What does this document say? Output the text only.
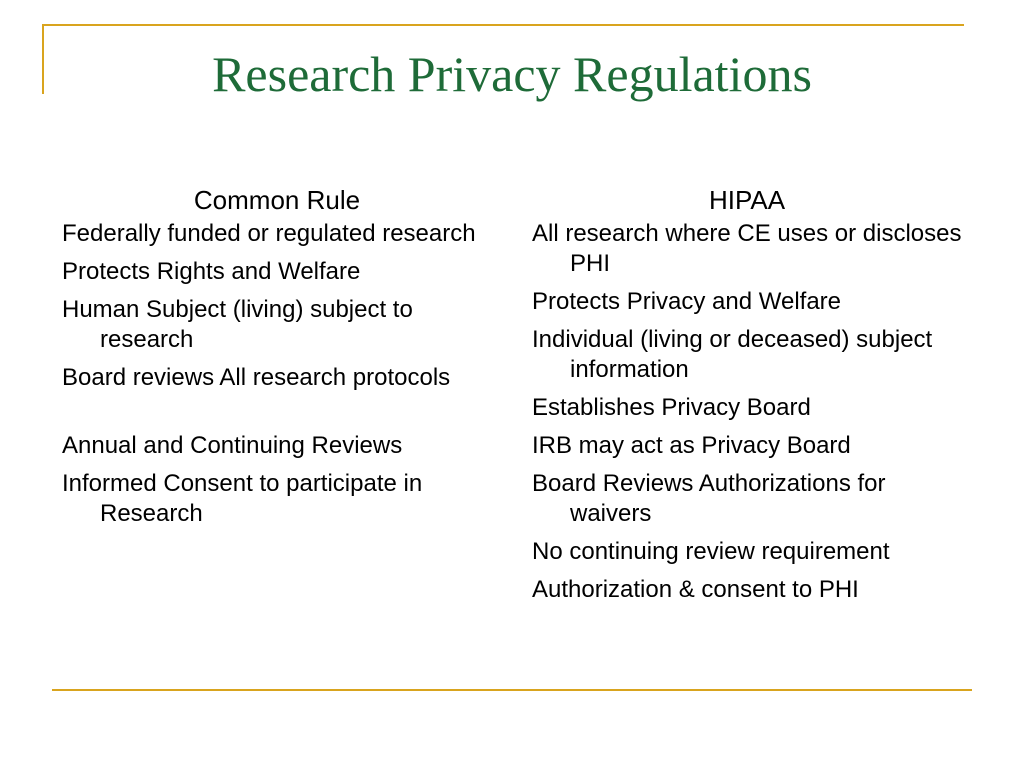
Research Privacy Regulations
Common Rule
Federally funded or regulated research
Protects Rights and Welfare
Human Subject (living) subject to research
Board reviews All research protocols
Annual and Continuing Reviews
Informed Consent to participate in Research
HIPAA
All research where CE uses or discloses PHI
Protects Privacy and Welfare
Individual (living or deceased) subject information
Establishes Privacy Board
IRB may act as Privacy Board
Board Reviews Authorizations for waivers
No continuing review requirement
Authorization & consent to PHI
